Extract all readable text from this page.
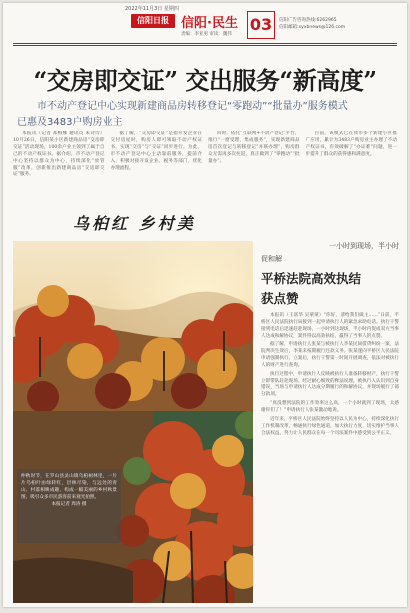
2022年11月3日 星期四
信阳日报 信阳·民生
责编：李亚男 审读：魏伟
03	信阳广告咨询热线:6262965
信阳邮箱:xyxbnews@126.com
“交房即交证” 交出服务“新高度”
市不动产登记中心实现新建商品房转移登记“零跑动”“批量办”服务模式
已惠及3483户购房业主
本报讯（记者 郑梅娜 通讯员 朱诗诗）10月26日，信阳某小区新建商品房“交房即交证”活动现场，100余户业主领到了属于自己的不动产权证书。据介绍，市不动产登记中心坚持以群众为中心，持续深化“放管服”改革，创新推出新建商品房“交房即交证”服务。
据了解，“交房即交证”是指开发企业在交付房屋时，购房人即可领取不动产权证书，实现“交房”与“交证”同步进行。为此，市不动产登记中心主动靠前服务，提前介入，积极对接开发企业、税务等部门，优化办理流程。
同时，依托“互联网+不动产登记”平台，推行“一窗受理、集成服务”，实现新建商品房首次登记与转移登记“并联办理”，购房群众无需再多次往返，真正做到了“零跑动”“批量办”。
目前，该模式已在我市多个新建小区推广应用，累计为3483户购房业主办理了不动产权证书，有效破解了“办证难”问题，进一步提升了群众的获得感和满意度。
乌桕红 乡村美
仲秋时节，在罗山县灵山镇乌桕树林里，一片片乌桕叶由绿转红，层林尽染，与远处的青山、村落相映成趣，构成一幅美丽的乡村秋景图，吸引众多市民游客前来观光拍照。
本报记者 周涛 摄
一小时到现场，半小时
促和解
平桥法院高效执结
获点赞

本报讯（王富华 吴蒙蒙）“你好，请给我们做主……”日前，平桥区人民法院执行局接到一起申请执行人的紧急求助电话。执行干警接到电话后迅速赶赴现场，一小时到达现场，半小时内促成双方当事人达成和解协议，案件得以高效执结，赢得了当事人的点赞。

据了解，申请执行人张某与被执行人李某民间借贷纠纷一案，法院判决生效后，李某未按期履行还款义务。张某遂向平桥区人民法院申请强制执行。立案后，执行干警第一时间开展调查，依法对被执行人的财产进行查询。

执行过程中，申请执行人反映被执行人准备转移财产，执行干警立即带队赶赴现场。经过耐心细致的释法说理，被执行人认识到自身错误，当场与申请执行人达成分期履行的和解协议，并现场履行了部分款项。

“真没想到法院的工作效率这么高，一个小时就到了现场，太感谢你们了！”申请执行人张某激动地说。

近年来，平桥区人民法院始终坚持以人民为中心，持续深化执行工作机制改革，畅通执行绿色通道，加大执行力度，切实维护当事人合法权益，努力让人民群众在每一个司法案件中感受到公平正义。
